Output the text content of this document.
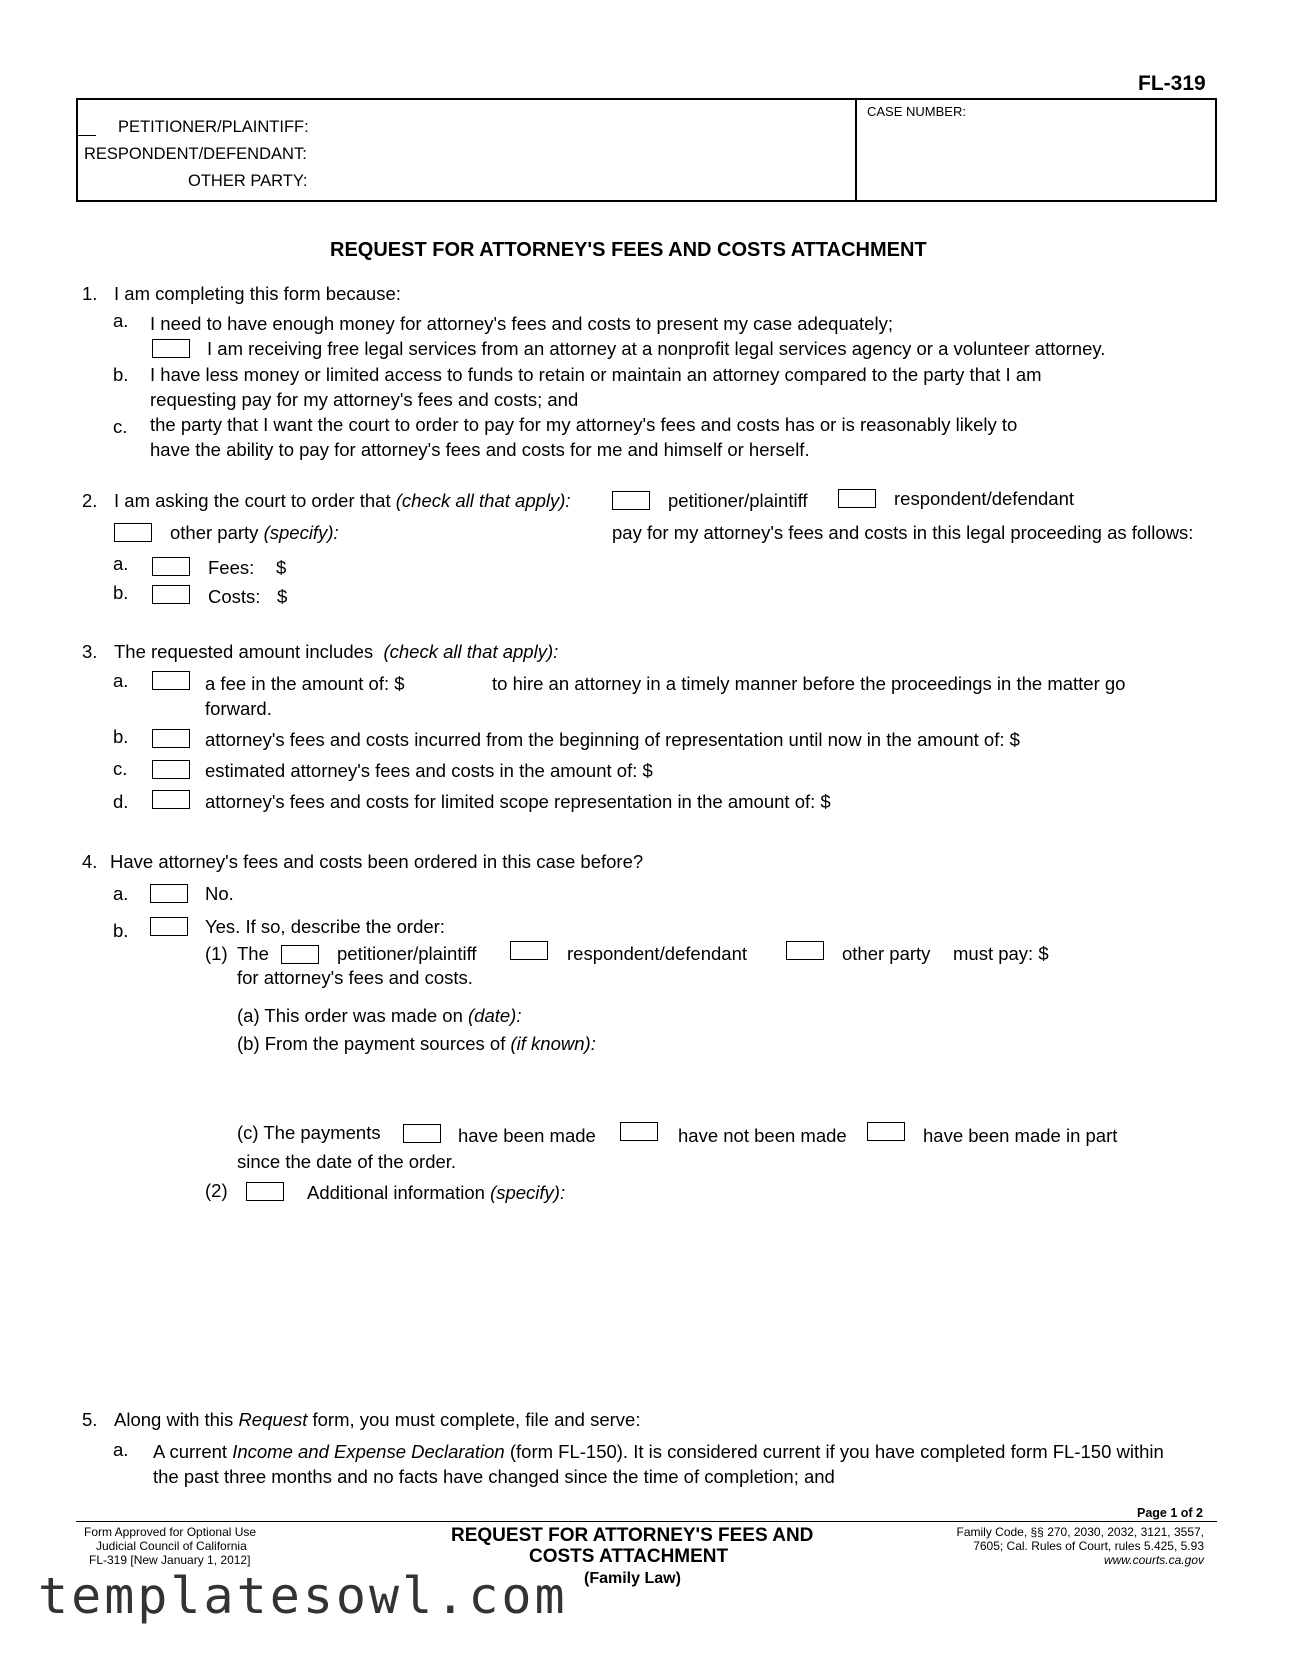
FL-319
__ PETITIONER/PLAINTIFF:
RESPONDENT/DEFENDANT:
OTHER PARTY:
CASE NUMBER:
REQUEST FOR ATTORNEY'S FEES AND COSTS ATTACHMENT
1. I am completing this form because:
a. I need to have enough money for attorney's fees and costs to present my case adequately;
I am receiving free legal services from an attorney at a nonprofit legal services agency or a volunteer attorney.
b. I have less money or limited access to funds to retain or maintain an attorney compared to the party that I am
requesting pay for my attorney's fees and costs; and
c. the party that I want the court to order to pay for my attorney's fees and costs has or is reasonably likely to
have the ability to pay for attorney's fees and costs for me and himself or herself.
2. I am asking the court to order that (check all that apply):	petitioner/plaintiff	respondent/defendant
other party (specify):	pay for my attorney's fees and costs in this legal proceeding as follows:
a.	Fees: $
b.	Costs: $
3. The requested amount includes (check all that apply):
a.	a fee in the amount of: $	to hire an attorney in a timely manner before the proceedings in the matter go
forward.
b.	attorney's fees and costs incurred from the beginning of representation until now in the amount of: $
c.	estimated attorney's fees and costs in the amount of: $
d.	attorney's fees and costs for limited scope representation in the amount of: $
4. Have attorney's fees and costs been ordered in this case before?
a.	No.
b.	Yes. If so, describe the order:
(1) The	petitioner/plaintiff	respondent/defendant	other party must pay: $
for attorney's fees and costs.
(a) This order was made on (date):
(b) From the payment sources of (if known):
(c) The payments	have been made	have not been made	have been made in part
since the date of the order.
(2)	Additional information (specify):
5. Along with this Request form, you must complete, file and serve:
a. A current Income and Expense Declaration (form FL-150). It is considered current if you have completed form FL-150 within
the past three months and no facts have changed since the time of completion; and
Page 1 of 2
Form Approved for Optional Use
Judicial Council of California
FL-319 [New January 1, 2012]
REQUEST FOR ATTORNEY'S FEES AND
COSTS ATTACHMENT
(Family Law)
Family Code, §§ 270, 2030, 2032, 3121, 3557,
7605; Cal. Rules of Court, rules 5.425, 5.93
www.courts.ca.gov
templatesowl.com
